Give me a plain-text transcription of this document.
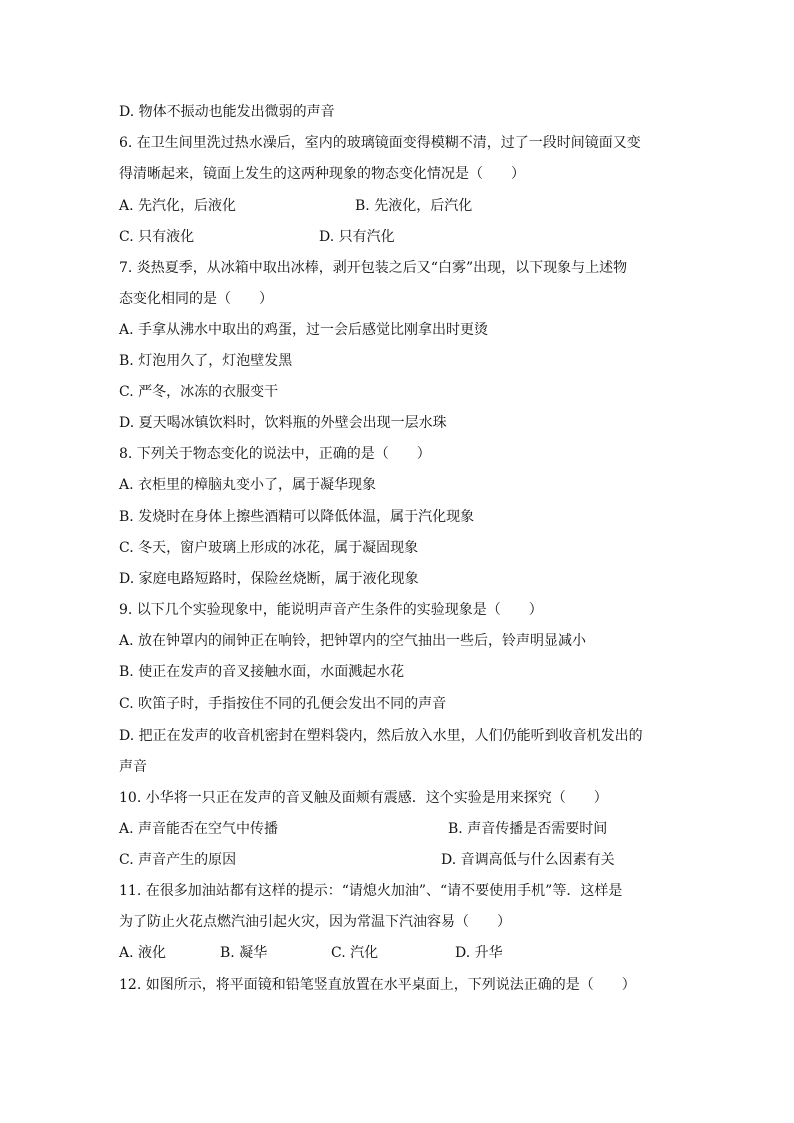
D. 物体不振动也能发出微弱的声音
6. 在卫生间里洗过热水澡后，室内的玻璃镜面变得模糊不清，过了一段时间镜面又变
得清晰起来，镜面上发生的这两种现象的物态变化情况是（　　）
A. 先汽化，后液化	B. 先液化，后汽化
C. 只有液化	D. 只有汽化
7. 炎热夏季，从冰箱中取出冰棒，剥开包装之后又“白雾”出现，以下现象与上述物
态变化相同的是（　　）
A. 手拿从沸水中取出的鸡蛋，过一会后感觉比刚拿出时更烫
B. 灯泡用久了，灯泡壁发黑
C. 严冬，冰冻的衣服变干
D. 夏天喝冰镇饮料时，饮料瓶的外壁会出现一层水珠
8. 下列关于物态变化的说法中，正确的是（　　）
A. 衣柜里的樟脑丸变小了，属于凝华现象
B. 发烧时在身体上擦些酒精可以降低体温，属于汽化现象
C. 冬天，窗户玻璃上形成的冰花，属于凝固现象
D. 家庭电路短路时，保险丝烧断，属于液化现象
9. 以下几个实验现象中，能说明声音产生条件的实验现象是（　　）
A. 放在钟罩内的闹钟正在响铃，把钟罩内的空气抽出一些后，铃声明显减小
B. 使正在发声的音叉接触水面，水面溅起水花
C. 吹笛子时，手指按住不同的孔便会发出不同的声音
D. 把正在发声的收音机密封在塑料袋内，然后放入水里，人们仍能听到收音机发出的
声音
10. 小华将一只正在发声的音叉触及面颊有震感．这个实验是用来探究（　　）
A. 声音能否在空气中传播	B. 声音传播是否需要时间
C. 声音产生的原因	D. 音调高低与什么因素有关
11. 在很多加油站都有这样的提示：“请熄火加油”、“请不要使用手机”等．这样是
为了防止火花点燃汽油引起火灾，因为常温下汽油容易（　　）
A. 液化	B. 凝华	C. 汽化	D. 升华
12. 如图所示，将平面镜和铅笔竖直放置在水平桌面上，下列说法正确的是（　　）
